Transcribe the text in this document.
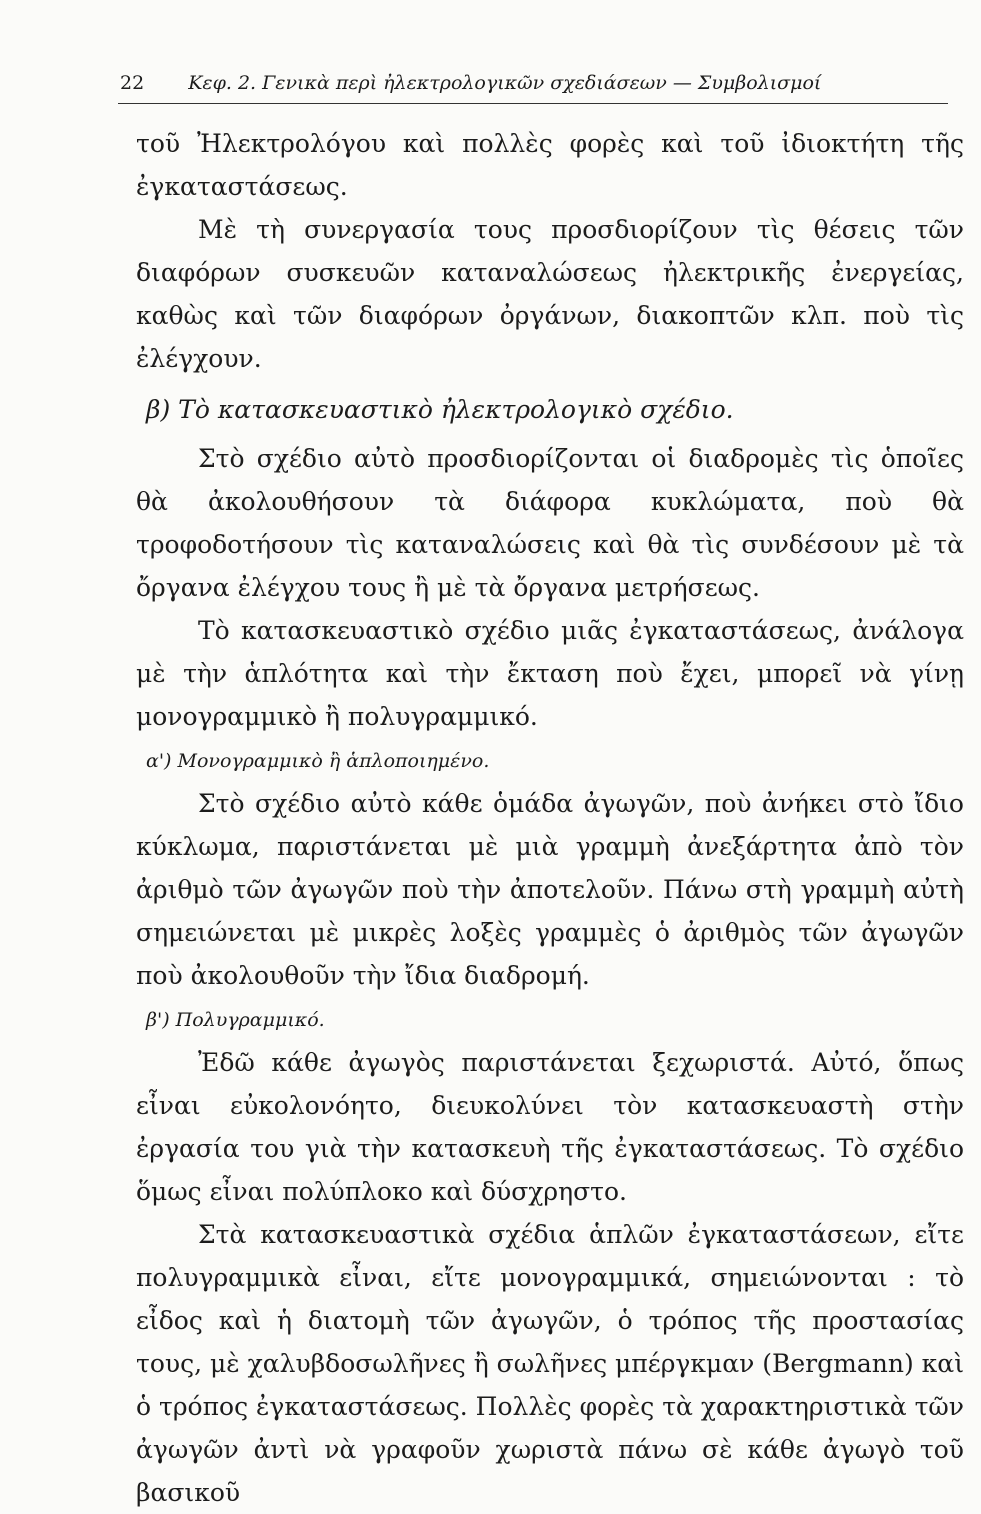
22 Κεφ. 2. Γενικὰ περὶ ἠλεκτρολογικῶν σχεδιάσεων — Συμβολισμοί

τοῦ Ἠλεκτρολόγου καὶ πολλὲς φορὲς καὶ τοῦ ἰδιοκτήτη τῆς ἐγκαταστάσεως.

Μὲ τὴ συνεργασία τους προσδιορίζουν τὶς θέσεις τῶν διαφόρων συσκευῶν καταναλώσεως ἠλεκτρικῆς ἐνεργείας, καθὼς καὶ τῶν διαφόρων ὀργάνων, διακοπτῶν κλπ. ποὺ τὶς ἐλέγχουν.

β) Τὸ κατασκευαστικὸ ἠλεκτρολογικὸ σχέδιο.

Στὸ σχέδιο αὐτὸ προσδιορίζονται οἱ διαδρομὲς τὶς ὁποῖες θὰ ἀκολουθήσουν τὰ διάφορα κυκλώματα, ποὺ θὰ τροφοδοτήσουν τὶς καταναλώσεις καὶ θὰ τὶς συνδέσουν μὲ τὰ ὄργανα ἐλέγχου τους ἢ μὲ τὰ ὄργανα μετρήσεως.

Τὸ κατασκευαστικὸ σχέδιο μιᾶς ἐγκαταστάσεως, ἀνάλογα μὲ τὴν ἁπλότητα καὶ τὴν ἔκταση ποὺ ἔχει, μπορεῖ νὰ γίνῃ μονογραμμικὸ ἢ πολυγραμμικό.

α') Μονογραμμικὸ ἢ ἁπλοποιημένο.

Στὸ σχέδιο αὐτὸ κάθε ὁμάδα ἀγωγῶν, ποὺ ἀνήκει στὸ ἴδιο κύκλωμα, παριστάνεται μὲ μιὰ γραμμὴ ἀνεξάρτητα ἀπὸ τὸν ἀριθμὸ τῶν ἀγωγῶν ποὺ τὴν ἀποτελοῦν. Πάνω στὴ γραμμὴ αὐτὴ σημειώνεται μὲ μικρὲς λοξὲς γραμμὲς ὁ ἀριθμὸς τῶν ἀγωγῶν ποὺ ἀκολουθοῦν τὴν ἴδια διαδρομή.

β') Πολυγραμμικό.

Ἐδῶ κάθε ἀγωγὸς παριστάνεται ξεχωριστά. Αὐτό, ὅπως εἶναι εὐκολονόητο, διευκολύνει τὸν κατασκευαστὴ στὴν ἐργασία του γιὰ τὴν κατασκευὴ τῆς ἐγκαταστάσεως. Τὸ σχέδιο ὅμως εἶναι πολύπλοκο καὶ δύσχρηστο.

Στὰ κατασκευαστικὰ σχέδια ἁπλῶν ἐγκαταστάσεων, εἴτε πολυγραμμικὰ εἶναι, εἴτε μονογραμμικά, σημειώνονται : τὸ εἶδος καὶ ἡ διατομὴ τῶν ἀγωγῶν, ὁ τρόπος τῆς προστασίας τους, μὲ χαλυβδοσωλῆνες ἢ σωλῆνες μπέργκμαν (Bergmann) καὶ ὁ τρόπος ἐγκαταστάσεως. Πολλὲς φορὲς τὰ χαρακτηριστικὰ τῶν ἀγωγῶν ἀντὶ νὰ γραφοῦν χωριστὰ πάνω σὲ κάθε ἀγωγὸ τοῦ βασικοῦ
